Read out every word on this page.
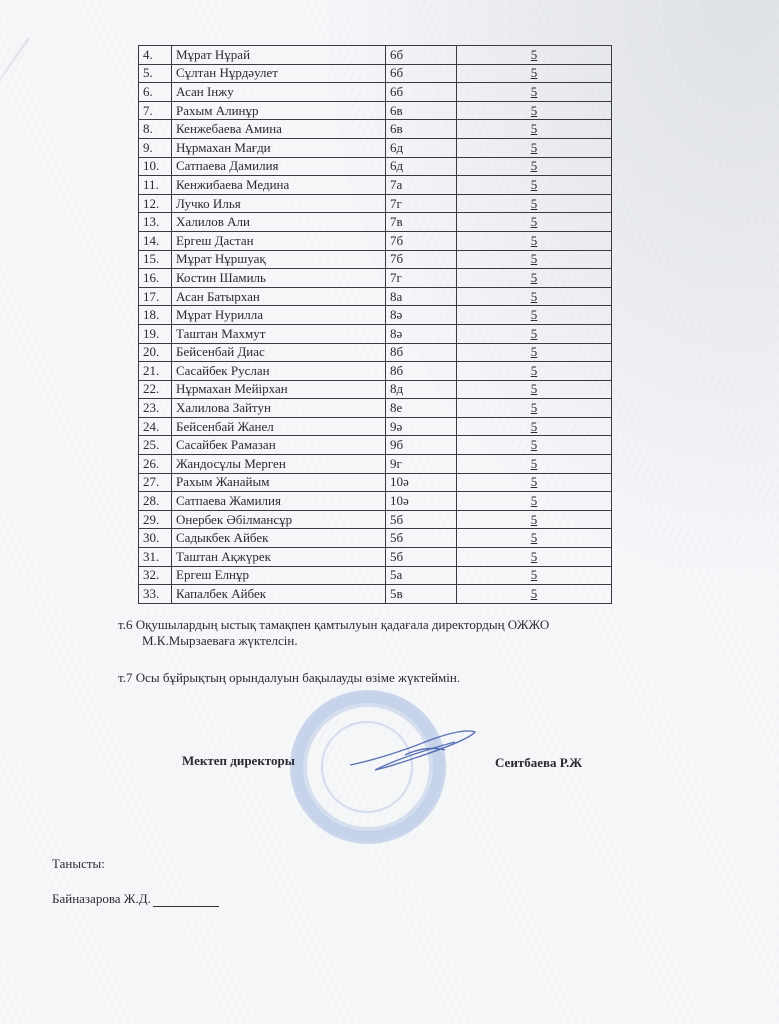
4.	Мұрат Нұрай	6б	5
5.	Сұлтан Нұрдәулет	6б	5
6.	Асан Інжу	6б	5
7.	Рахым Алинұр	6в	5
8.	Кенжебаева Амина	6в	5
9.	Нұрмахан Мағди	6д	5
10.	Сатпаева Дамилия	6д	5
11.	Кенжибаева Медина	7а	5
12.	Лучко Илья	7г	5
13.	Халилов Али	7в	5
14.	Ергеш Дастан	7б	5
15.	Мұрат Нұршуақ	7б	5
16.	Костин Шамиль	7г	5
17.	Асан Батырхан	8а	5
18.	Мұрат Нурилла	8ә	5
19.	Таштан Махмут	8ә	5
20.	Бейсенбай Диас	8б	5
21.	Сасайбек Руслан	8б	5
22.	Нұрмахан Мейірхан	8д	5
23.	Халилова Зайтун	8е	5
24.	Бейсенбай Жанел	9ә	5
25.	Сасайбек Рамазан	9б	5
26.	Жандосұлы Мерген	9г	5
27.	Рахым Жанайым	10ә	5
28.	Сатпаева Жамилия	10ә	5
29.	Онербек Әбілмансұр	5б	5
30.	Садыкбек Айбек	5б	5
31.	Таштан Ақжүрек	5б	5
32.	Ергеш Елнұр	5а	5
33.	Капалбек Айбек	5в	5
т.6 Оқушылардың ыстық тамақпен қамтылуын қадағала директордың ОЖЖО
М.К.Мырзаеваға жүктелсін.
т.7 Осы бұйрықтың орындалуын бақылауды өзіме жүктеймін.
Мектеп директоры	Сеитбаева Р.Ж
Танысты:
Байназарова Ж.Д.
